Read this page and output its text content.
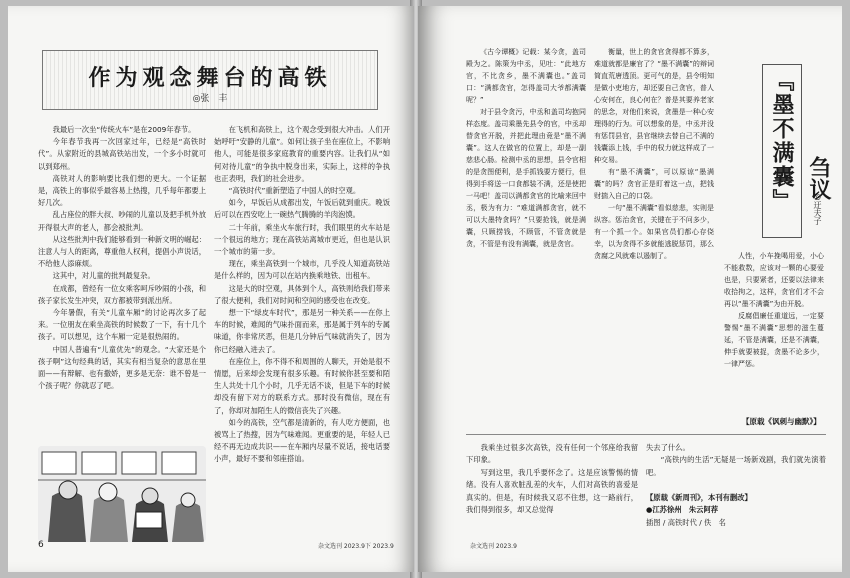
作为观念舞台的高铁
◎张　丰

我最后一次坐“传统火车”是在2009年春节。

今年春节我再一次回家过年，已经是“高铁时代”。从家附近的县城高铁站出发，一个多小时就可以到郑州。

高铁对人的影响要比我们想的更大。一个证据是，高铁上的事似乎最容易上热搜，几乎每年都要上好几次。

乱占座位的胖大叔、吵闹的儿童以及把手机外放开得很大声的老人，都会被批判。

从这些批判中我们能够看到一种新文明的崛起：注意人与人的距离，尊重他人权利，提倡小声说话，不给他人添麻烦。

这其中，对儿童的批判最复杂。

在成都，曾经有一位女乘客呵斥吵闹的小孩，和孩子家长发生冲突，双方都被带到派出所。

今年暑假，有关“儿童车厢”的讨论再次多了起来。一位朋友在乘坐高铁的时候数了一下，有十几个孩子。可以想见，这个车厢一定是很热闹的。

中国人普遍有“儿童优先”的观念。“大家还是个孩子啊”这句经典的话，其实有相当复杂的意思在里面——有辩解、也有撒娇，更多是无奈：谁不曾是一个孩子呢？你就忍了吧。

在飞机和高铁上，这个观念受到很大冲击。人们开始呼吁“安静的儿童”。如何让孩子坐在座位上，不影响他人，可能是很多家庭教育的重要内容。让我们从“如何对待儿童”的争执中脱身出来，实际上，这样的争执也正表明，我们的社会进步。

“高铁时代”重新塑造了中国人的时空观。

如今，早饭后从成都出发，午饭后就到重庆。晚饭后可以在西安吃上一碗热气腾腾的羊肉泡馍。

二十年前，乘坐火车旅行时，我们眼里的火车站是一个很远的地方；现在高铁站离城市更近，但也是认识一个城市的第一步。

现在，乘坐高铁到一个城市，几乎没人知道高铁站是什么样的，因为可以在站内换乘地铁、出租车。

这是大的时空观，具体到个人，高铁则给我们带来了很大便利，我们对时间和空间的感受也在改变。

想一下“绿皮车时代”，那是另一种关系——在你上车的时候，难闻的气味扑面而来，那是属于列车的专属味道，你非常厌恶，但是几分钟后气味就消失了，因为你已经融入进去了。

在座位上，你不得不和周围的人聊天，开始是很不情愿，后来却会发现有很多乐趣。有时候你甚至要和陌生人共处十几个小时，几乎无话不谈，但是下车的时候却没有留下对方的联系方式。那时没有微信，现在有了，你却对加陌生人的微信丧失了兴趣。

如今的高铁，空气都是清新的，有人吃方便面，也被骂上了热搜，因为气味难闻。更重要的是，年轻人已经不再无边成共识——在车厢内尽量不说话，接电话要小声，最好不要和邻座搭讪。

6	杂文选刊 2023.9下 2023.9

《古今谭概》记载：某今贪，盖司殿为之。陈策为中丞，见吐：“此地方官，不比贪乡，墨不满囊也。”盖司口：“满都贪官，怎得盖司大爷都满囊呢？”

对于县令贪污，中丞和盖司均抱同样态度。盖司乘墨先县令的官，中丞却替贪官开脱，并把此理由竟是“墨不满囊”。这人在做官的位置上，却是一副慈悲心肠。检测中丞的思想，县令官相的是贪图便利，是手抓钱要方便行，但得到手将送一口食都装不满，还是使把一马吧！盖司以满都贪官的比喻来回中丞，极为有力：“难道满都贪官，就不可以大墨特贪吗？”只要抢钱，就是满囊，只顾捞钱，不顾管，不管贪就是贪，不管是有没有满囊，就是贪官。

衡量，世上的贪官贪得都不算多，难道就都是廉官了？“墨不满囊”的辩词简直荒唐透顶。更可气的是，县令明知是做小吏地方，却还要自己贪官，普人心安何在，良心何在？普是其要养老家的思念，对他们来说，贪墨是一种心安理得的行为。可以想象的是，中丞并没有惩罚县官，县官继续去替自己不满的钱囊添上钱，手中的权力就这样成了一种交易。

有“墨不满囊”，可以原谅“墨满囊”的吗？贪官正是盯着这一点，把钱财揣入自己的口袋。

一句“墨不满囊”看似慈悲，实则是纵容。惩治贪官，关键在于不问多少，有一个抓一个。如果官员们都心存侥幸，以为贪得不多就能逃脱惩罚，那么贪腐之风就难以遏制了。

『墨不满囊』 刍议
◎迂夫子

人性，小车挽喝用爱，小心不能救数，应该对一颗的心要爱也是，只要紧者，还要以法律来收拾拘之，这样，贪官们才不会再以“墨不满囊”为由开脱。

反腐倡廉任重道远，一定要警惕“墨不满囊”思想的滋生蔓延，不管是满囊，还是不满囊，伸手就要被捉，贪墨不论多少，一律严惩。

【原载《讽刺与幽默》】

我乘坐过很多次高铁，没有任何一个邻座给我留下印象。

写到这里，我几乎要怀念了。这是应该警惕的情绪。没有人喜欢脏乱差的火车，人们对高铁的喜爱是真实的。但是，有时候我又忍不住想，这一路前行，我们得到很多，却又总觉得

失去了什么。

“高铁内的生活”无疑是一场新戏剧，我们就先演着吧。

【原载《新周刊》，本刊有删改】
●江苏徐州　朱云阿荐
插图 / 高铁时代 / 佚　名
杂文选刊 2023.9
